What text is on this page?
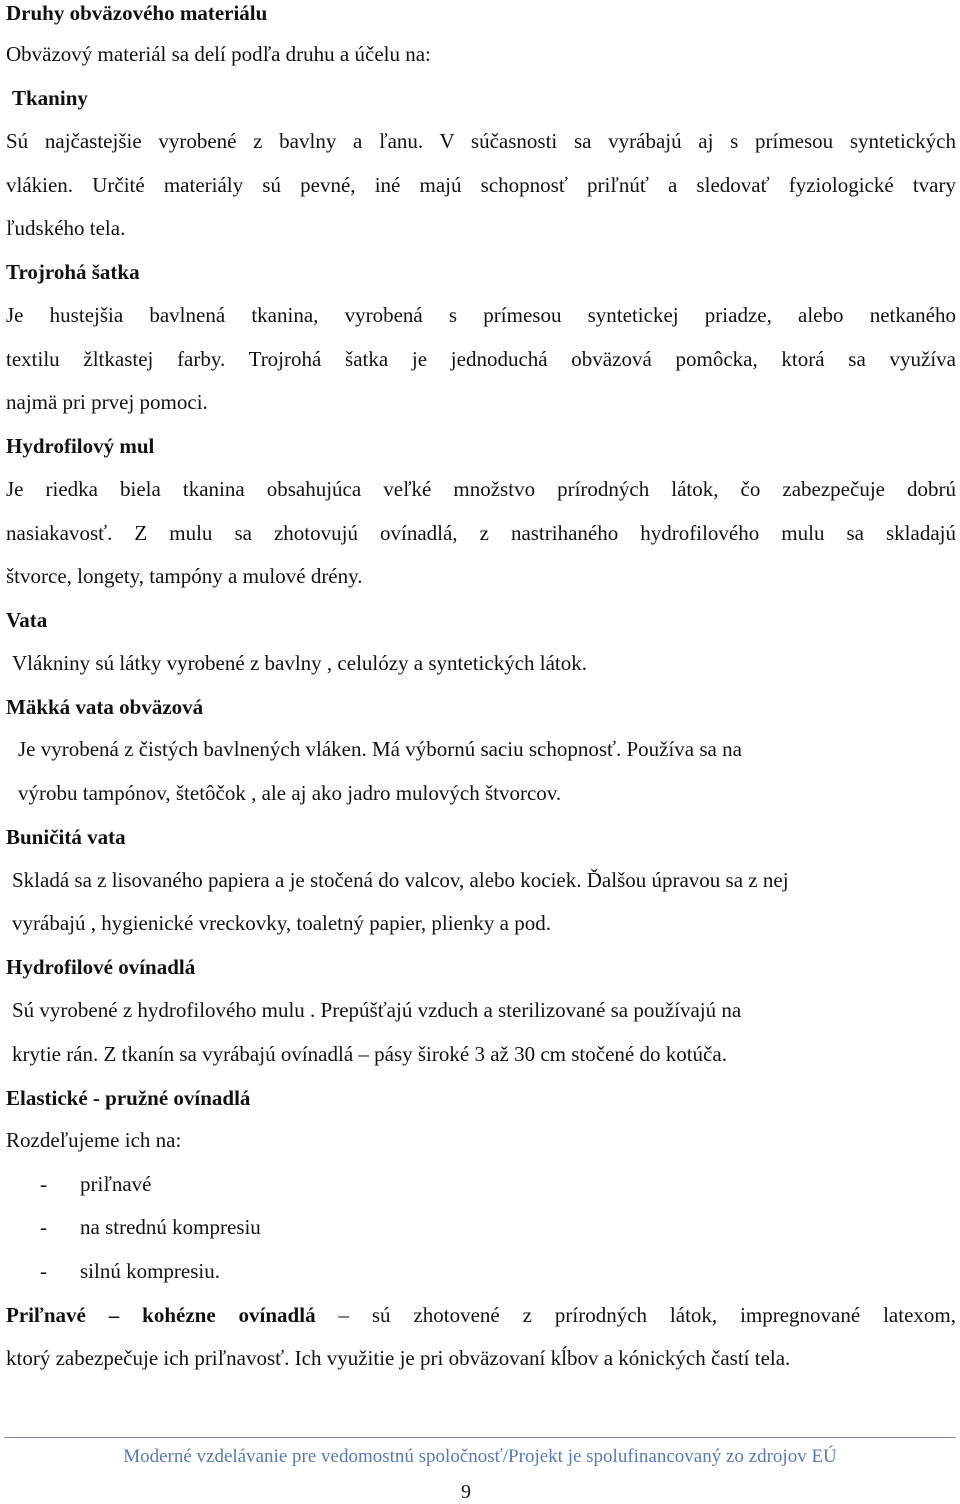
Druhy obväzového materiálu
Obväzový materiál sa delí podľa druhu a účelu na:
Tkaniny
Sú najčastejšie vyrobené z bavlny a ľanu. V súčasnosti sa vyrábajú aj s prímesou syntetických
vlákien. Určité materiály sú pevné, iné majú schopnosť priľnúť a sledovať fyziologické tvary
ľudského tela.
Trojrohá šatka
Je hustejšia bavlnená tkanina, vyrobená s prímesou syntetickej priadze, alebo netkaného
textilu žltkastej farby. Trojrohá šatka je jednoduchá obväzová pomôcka, ktorá sa využíva
najmä pri prvej pomoci.
Hydrofilový mul
Je riedka biela tkanina obsahujúca veľké množstvo prírodných látok, čo zabezpečuje dobrú
nasiakavosť. Z mulu sa zhotovujú ovínadlá, z nastrihaného hydrofilového mulu sa skladajú
štvorce, longety, tampóny a mulové drény.
Vata
Vlákniny sú látky vyrobené z bavlny , celulózy a syntetických látok.
Mäkká vata obväzová
Je vyrobená z čistých bavlnených vláken. Má výbornú saciu schopnosť. Používa sa na
výrobu tampónov, štetôčok , ale aj ako jadro mulových štvorcov.
Buničitá vata
Skladá sa z lisovaného papiera a je stočená do valcov, alebo kociek. Ďalšou úpravou sa z nej
vyrábajú , hygienické vreckovky, toaletný papier, plienky a pod.
Hydrofilové ovínadlá
Sú vyrobené z hydrofilového mulu . Prepúšťajú vzduch a sterilizované sa používajú na
krytie rán. Z tkanín sa vyrábajú ovínadlá – pásy široké 3 až 30 cm stočené do kotúča.
Elastické - pružné ovínadlá
Rozdeľujeme ich na:
- priľnavé
- na strednú kompresiu
- silnú kompresiu.
Priľnavé – kohézne ovínadlá – sú zhotovené z prírodných látok, impregnované latexom,
ktorý zabezpečuje ich priľnavosť. Ich využitie je pri obväzovaní kĺbov a kónických častí tela.
Moderné vzdelávanie pre vedomostnú spoločnosť/Projekt je spolufinancovaný zo zdrojov EÚ
9
